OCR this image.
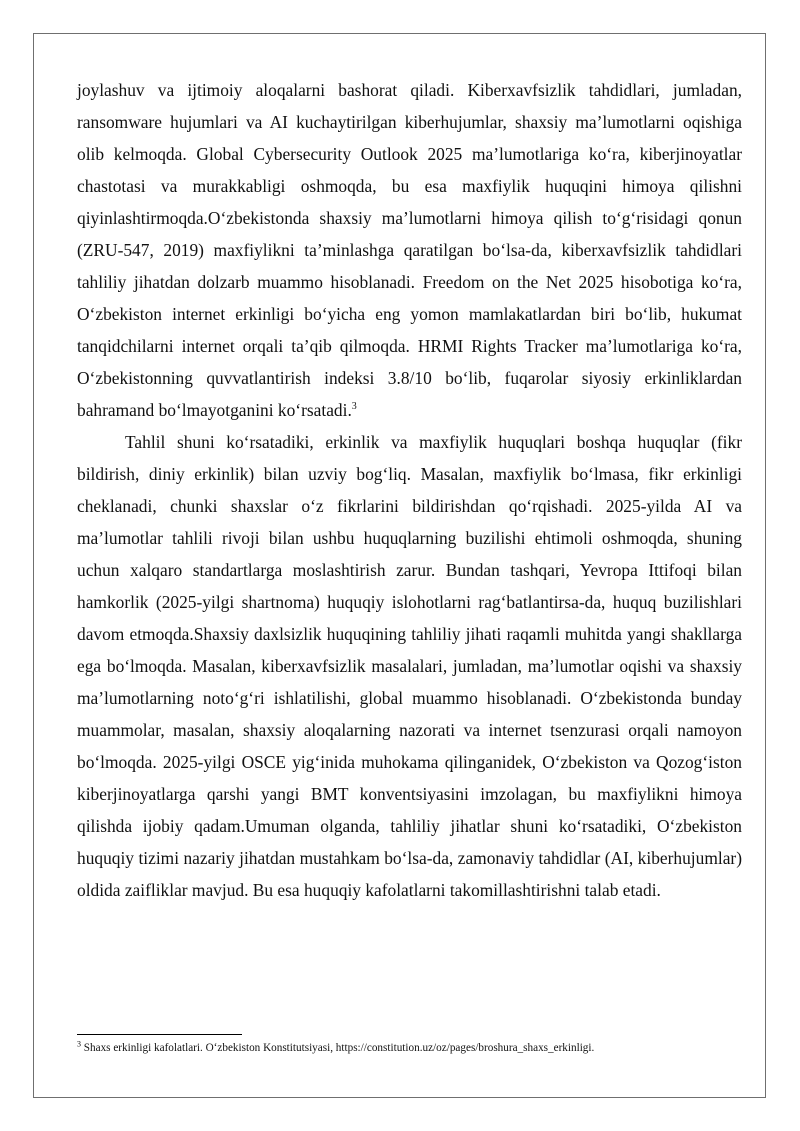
joylashuv va ijtimoiy aloqalarni bashorat qiladi. Kiberxavfsizlik tahdidlari, jumladan, ransomware hujumlari va AI kuchaytirilgan kiberhujumlar, shaxsiy ma’lumotlarni oqishiga olib kelmoqda. Global Cybersecurity Outlook 2025 ma’lumotlariga ko‘ra, kiberjinoyatlar chastotasi va murakkabligi oshmoqda, bu esa maxfiylik huquqini himoya qilishni qiyinlashtirmoqda.O‘zbekistonda shaxsiy ma’lumotlarni himoya qilish to‘g‘risidagi qonun (ZRU-547, 2019) maxfiylikni ta’minlashga qaratilgan bo‘lsa-da, kiberxavfsizlik tahdidlari tahliliy jihatdan dolzarb muammo hisoblanadi. Freedom on the Net 2025 hisobotiga ko‘ra, O‘zbekiston internet erkinligi bo‘yicha eng yomon mamlakatlardan biri bo‘lib, hukumat tanqidchilarni internet orqali ta’qib qilmoqda. HRMI Rights Tracker ma’lumotlariga ko‘ra, O‘zbekistonning quvvatlantirish indeksi 3.8/10 bo‘lib, fuqarolar siyosiy erkinliklardan bahramand bo‘lmayotganini ko‘rsatadi.$^3$

Tahlil shuni ko‘rsatadiki, erkinlik va maxfiylik huquqlari boshqa huquqlar (fikr bildirish, diniy erkinlik) bilan uzviy bog‘liq. Masalan, maxfiylik bo‘lmasa, fikr erkinligi cheklanadi, chunki shaxslar o‘z fikrlarini bildirishdan qo‘rqishadi. 2025-yilda AI va ma’lumotlar tahlili rivoji bilan ushbu huquqlarning buzilishi ehtimoli oshmoqda, shuning uchun xalqaro standartlarga moslashtirish zarur. Bundan tashqari, Yevropa Ittifoqi bilan hamkorlik (2025-yilgi shartnoma) huquqiy islohotlarni rag‘batlantirsa-da, huquq buzilishlari davom etmoqda.Shaxsiy daxlsizlik huquqining tahliliy jihati raqamli muhitda yangi shakllarga ega bo‘lmoqda. Masalan, kiberxavfsizlik masalalari, jumladan, ma’lumotlar oqishi va shaxsiy ma’lumotlarning noto‘g‘ri ishlatilishi, global muammo hisoblanadi. O‘zbekistonda bunday muammolar, masalan, shaxsiy aloqalarning nazorati va internet tsenzurasi orqali namoyon bo‘lmoqda. 2025-yilgi OSCE yig‘inida muhokama qilinganidek, O‘zbekiston va Qozog‘iston kiberjinoyatlarga qarshi yangi BMT konventsiyasini imzolagan, bu maxfiylikni himoya qilishda ijobiy qadam.Umuman olganda, tahliliy jihatlar shuni ko‘rsatadiki, O‘zbekiston huquqiy tizimi nazariy jihatdan mustahkam bo‘lsa-da, zamonaviy tahdidlar (AI, kiberhujumlar) oldida zaifliklar mavjud. Bu esa huquqiy kafolatlarni takomillashtirishni talab etadi.

$^3$ Shaxs erkinligi kafolatlari. O‘zbekiston Konstitutsiyasi, https://constitution.uz/oz/pages/broshura_shaxs_erkinligi.
